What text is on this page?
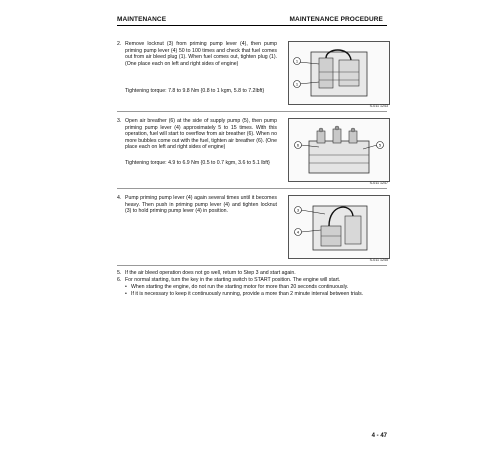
MAINTENANCE	MAINTENANCE PROCEDURE
2. Remove locknut (3) from priming pump lever (4), then pump priming pump lever (4) 50 to 100 times and check that fuel comes out from air bleed plug (1). When fuel comes out, tighten plug (1). (One place each on left and right sides of engine)
Tightening torque: 7.8 to 9.8 Nm {0.8 to 1 kgm, 5.8 to 7.2lbft}
1
1
S-011 1243
3. Open air breather (6) at the side of supply pump (5), then pump priming pump lever (4) approximately 5 to 15 times. With this operation, fuel will start to overflow from air breather (6). When no more bubbles come out with the fuel, tighten air breather (6). (One place each on left and right sides of engine)
Tightening torque: 4.9 to 6.9 Nm {0.5 to 0.7 kgm, 3.6 to 5.1 lbft}
6	5
S-011 1247
4. Pump priming pump lever (4) again several times until it becomes heavy. Then push in priming pump lever (4) and tighten locknut (3) to hold priming pump lever (4) in position.	3
4
S-011 1245
5. If the air bleed operation does not go well, return to Step 3 and start again.
6. For normal starting, turn the key in the starting switch to START position. The engine will start.
• When starting the engine, do not run the starting motor for more than 20 seconds continuously.
• If it is necessary to keep it continuously running, provide a more than 2 minute interval between trials.
4 - 47
